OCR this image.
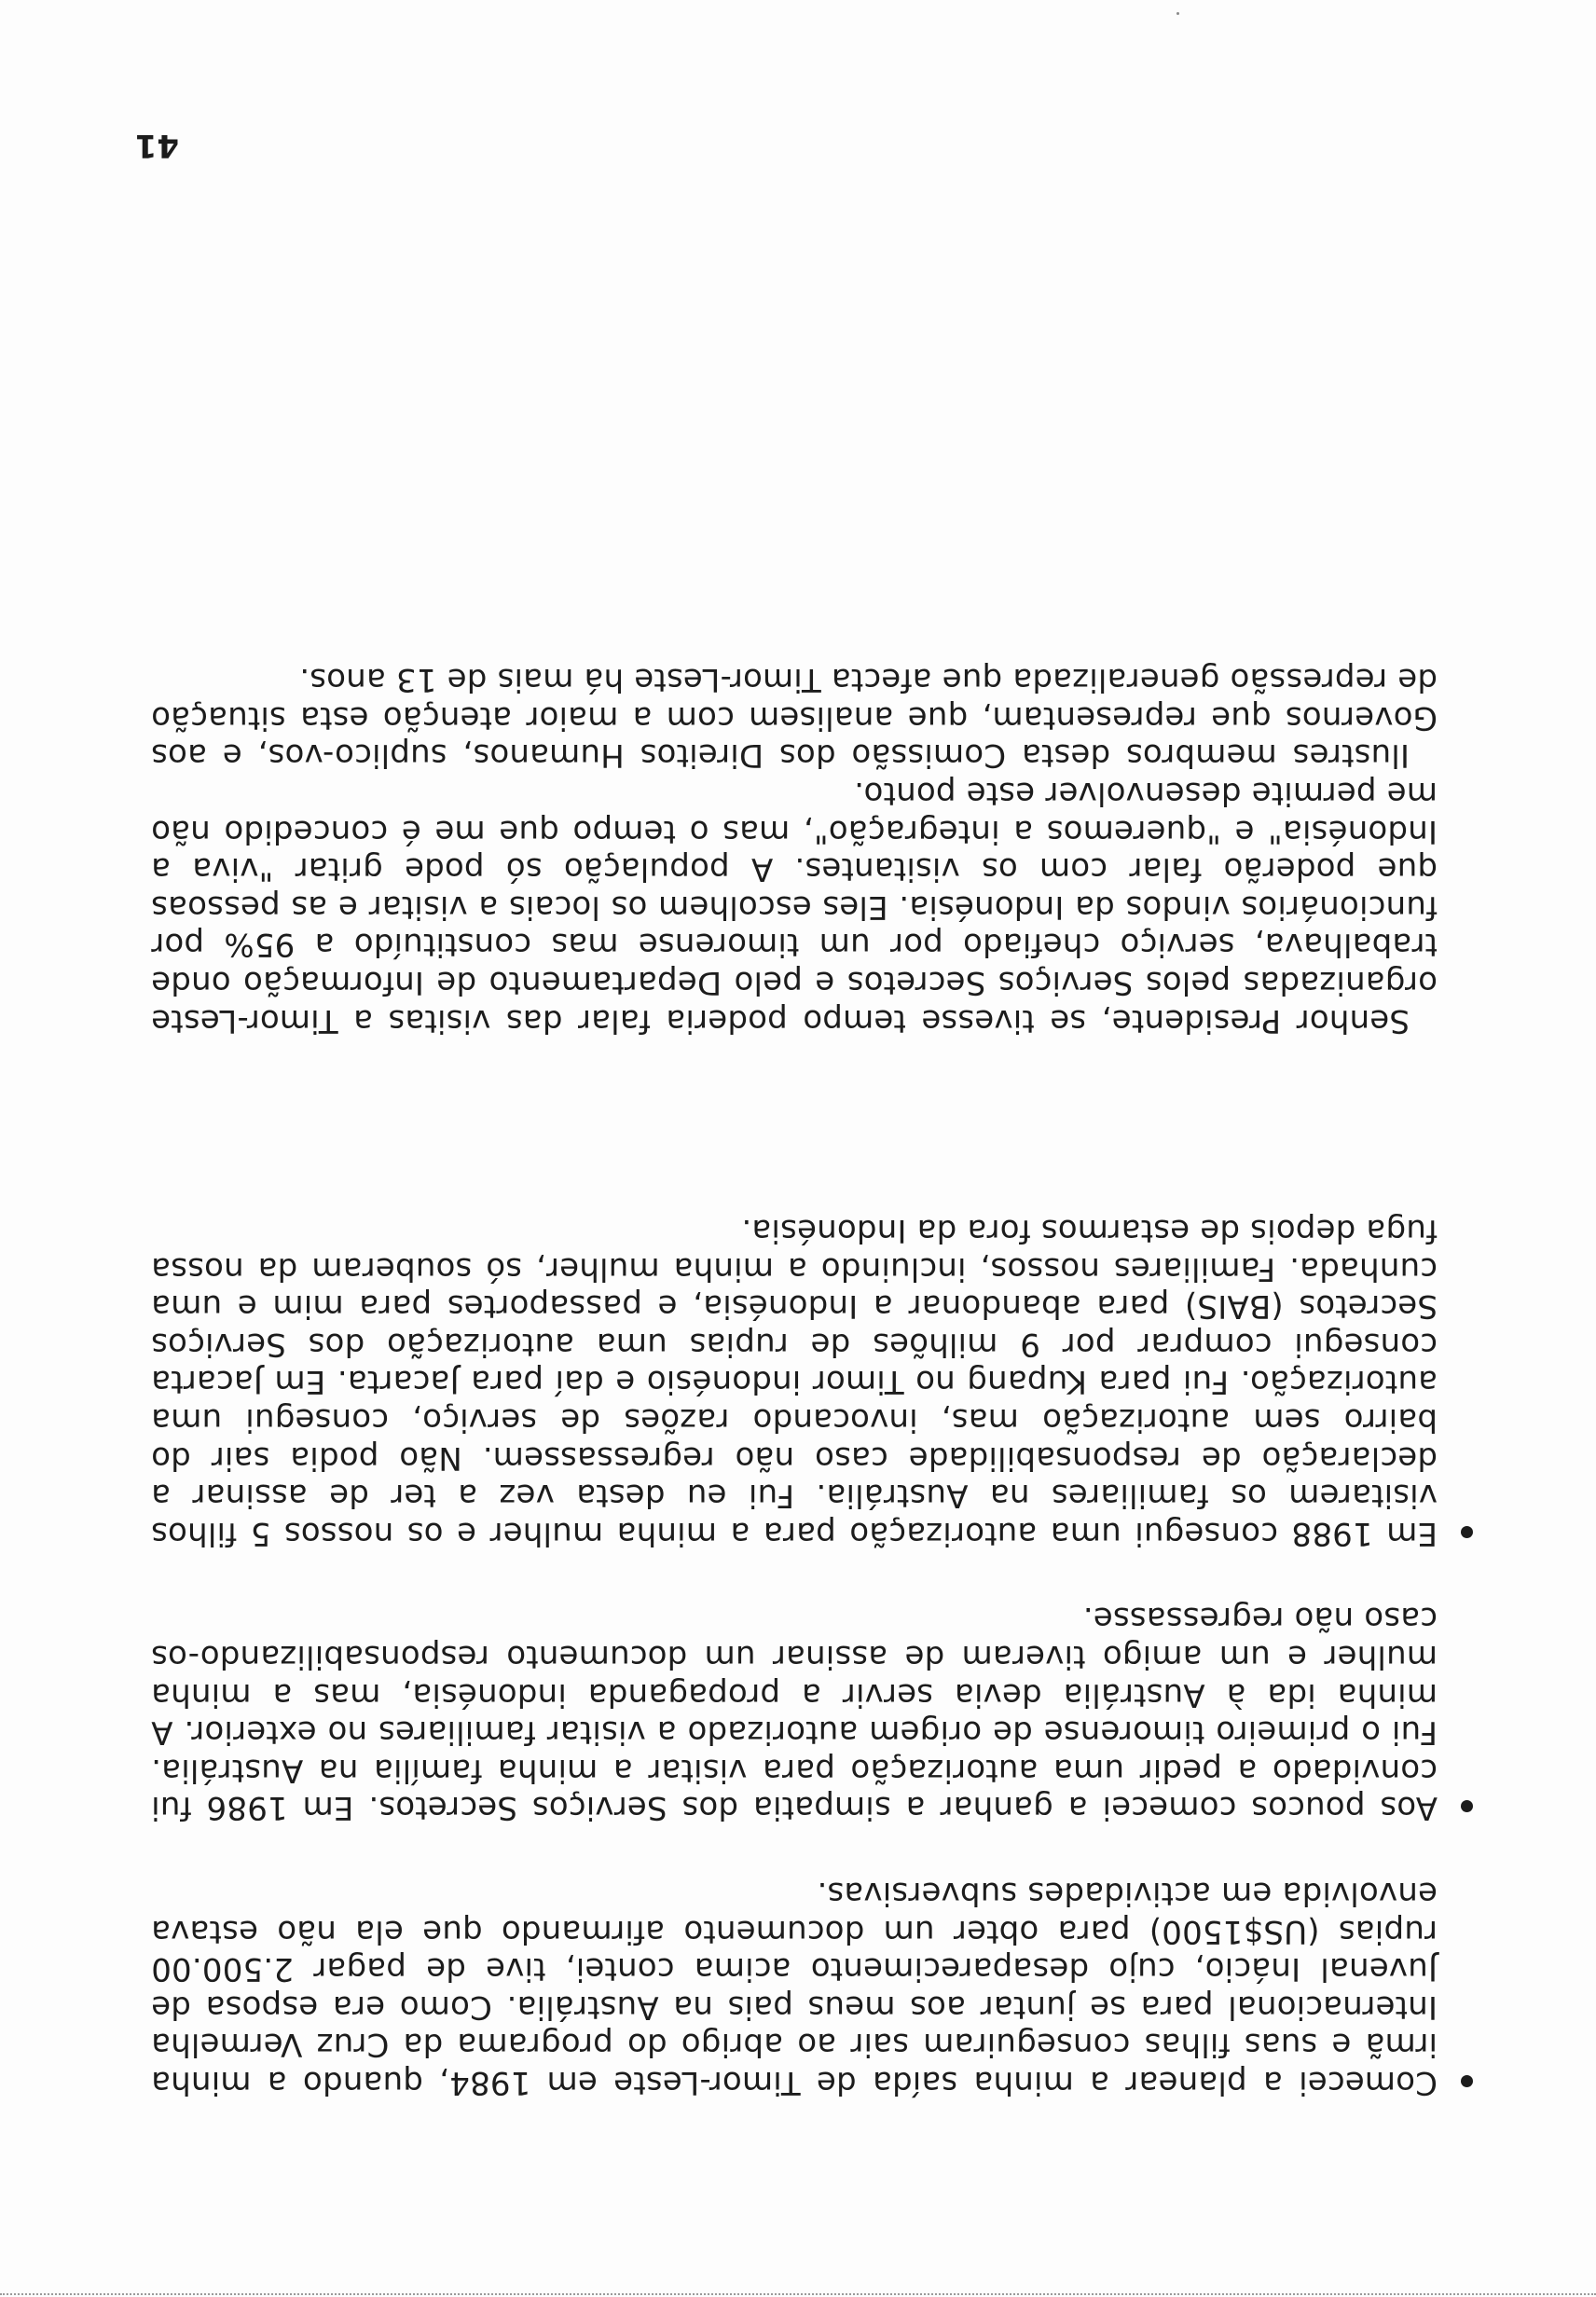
Comecei a planear a minha saída de Timor-Leste em 1984, quando a minha irmã e suas filhas conseguiram sair ao abrigo do programa da Cruz Vermelha Internacional para se juntar aos meus pais na Austrália. Como era esposa de Juvenal Inácio, cujo desaparecimento acima contei, tive de pagar 2.500.00 rupias (US$1500) para obter um documento afirmando que ela não estava envolvida em actividades subversivas.

Aos poucos comecei a ganhar a simpatia dos Serviços Secretos. Em 1986 fui convidado a pedir uma autorização para visitar a minha família na Austrália. Fui o primeiro timorense de origem autorizado a visitar familiares no exterior. A minha ida à Austrália devia servir a propaganda indonésia, mas a minha mulher e um amigo tiveram de assinar um documento responsabilizando-os caso não regressasse.

Em 1988 consegui uma autorização para a minha mulher e os nossos 5 filhos visitarem os familiares na Austrália. Fui eu desta vez a ter de assinar a declaração de responsabilidade caso não regressassem. Não podia sair do bairro sem autorização mas, invocando razões de serviço, consegui uma autorização. Fui para Kupang no Timor indonésio e daí para Jacarta. Em Jacarta consegui comprar por 9 milhões de rupias uma autorização dos Serviços Secretos (BAIS) para abandonar a Indonésia, e passaportes para mim e uma cunhada. Familiares nossos, incluindo a minha mulher, só souberam da nossa fuga depois de estarmos fora da Indonésia.

Senhor Presidente, se tivesse tempo poderia falar das visitas a Timor-Leste organizadas pelos Serviços Secretos e pelo Departamento de Informação onde trabalhava, serviço chefiado por um timorense mas constituído a 95% por funcionários vindos da Indonésia. Eles escolhem os locais a visitar e as pessoas que poderão falar com os visitantes. A população só pode gritar "viva a Indonésia" e "queremos a integração", mas o tempo que me é concedido não me permite desenvolver este ponto.

Ilustres membros desta Comissão dos Direitos Humanos, suplico-vos, e aos Governos que representam, que analisem com a maior atenção esta situação de repressão generalizada que afecta Timor-Leste há mais de 13 anos.

41
